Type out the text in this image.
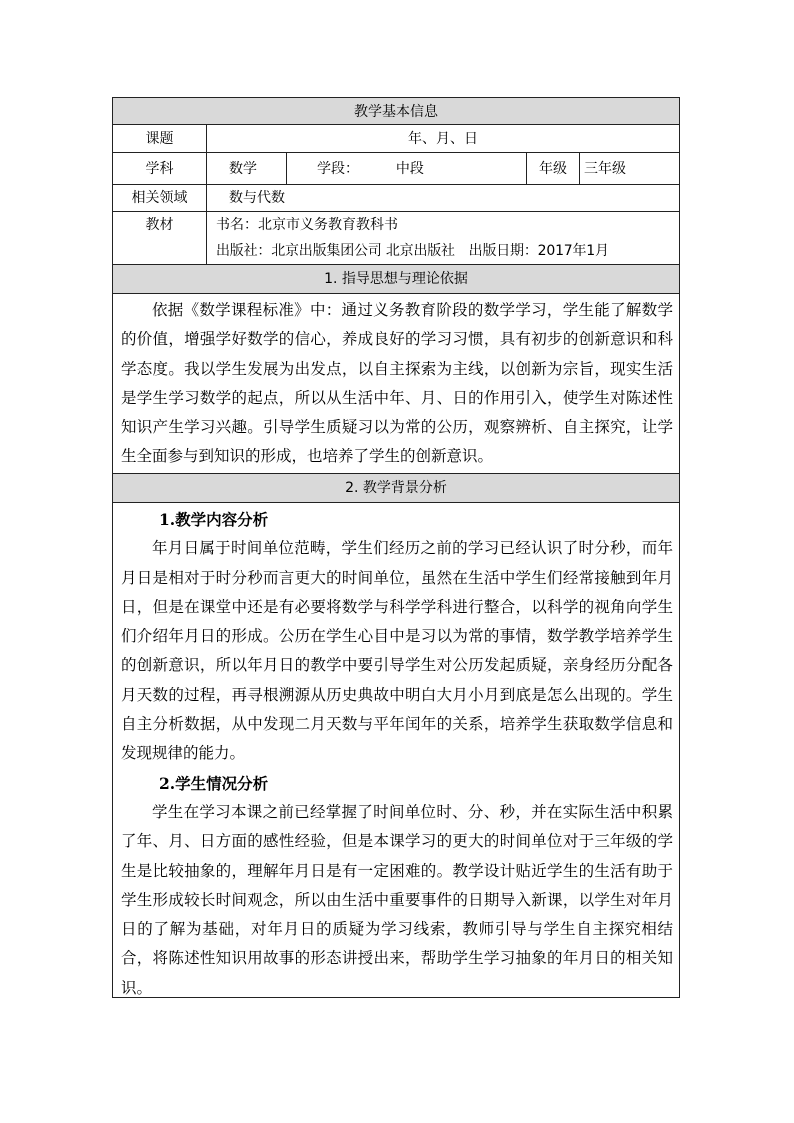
教学基本信息
课题	年、月、日
学科	数学	学段：	中段	年级	三年级
相关领域	数与代数
教材	书名：北京市义务教育教科书
出版社：北京出版集团公司 北京出版社　出版日期：2017年1月
1. 指导思想与理论依据

依据《数学课程标准》中：通过义务教育阶段的数学学习，学生能了解数学的价值，增强学好数学的信心，养成良好的学习习惯，具有初步的创新意识和科学态度。我以学生发展为出发点，以自主探索为主线，以创新为宗旨，现实生活是学生学习数学的起点，所以从生活中年、月、日的作用引入，使学生对陈述性知识产生学习兴趣。引导学生质疑习以为常的公历，观察辨析、自主探究，让学生全面参与到知识的形成，也培养了学生的创新意识。

2. 教学背景分析

1.教学内容分析

年月日属于时间单位范畴，学生们经历之前的学习已经认识了时分秒，而年月日是相对于时分秒而言更大的时间单位，虽然在生活中学生们经常接触到年月日，但是在课堂中还是有必要将数学与科学学科进行整合，以科学的视角向学生们介绍年月日的形成。公历在学生心目中是习以为常的事情，数学教学培养学生的创新意识，所以年月日的教学中要引导学生对公历发起质疑，亲身经历分配各月天数的过程，再寻根溯源从历史典故中明白大月小月到底是怎么出现的。学生自主分析数据，从中发现二月天数与平年闰年的关系，培养学生获取数学信息和发现规律的能力。

2.学生情况分析

学生在学习本课之前已经掌握了时间单位时、分、秒，并在实际生活中积累了年、月、日方面的感性经验，但是本课学习的更大的时间单位对于三年级的学生是比较抽象的，理解年月日是有一定困难的。教学设计贴近学生的生活有助于学生形成较长时间观念，所以由生活中重要事件的日期导入新课，以学生对年月日的了解为基础，对年月日的质疑为学习线索，教师引导与学生自主探究相结合，将陈述性知识用故事的形态讲授出来，帮助学生学习抽象的年月日的相关知识。
